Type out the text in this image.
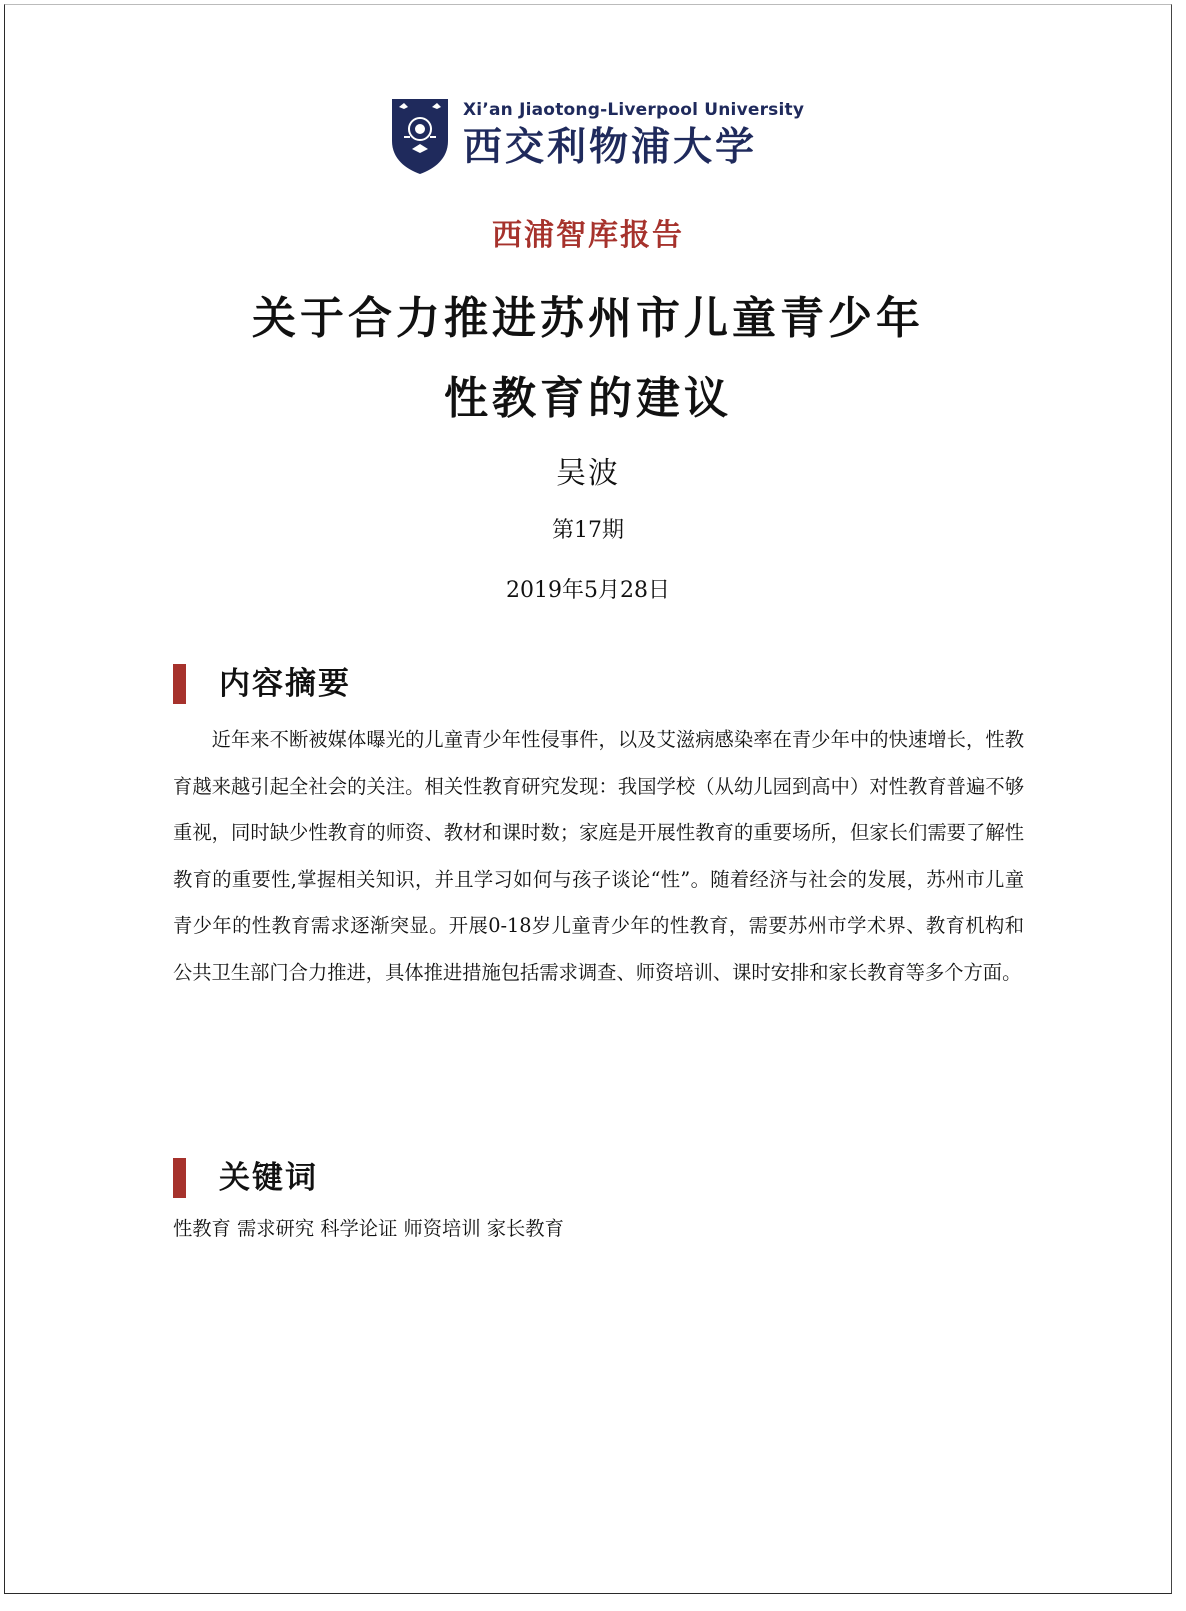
Xi’an Jiaotong-Liverpool University
西交利物浦大学
西浦智库报告
关于合力推进苏州市儿童青少年
性教育的建议
吴波
第17期
2019年5月28日
内容摘要

近年来不断被媒体曝光的儿童青少年性侵事件，以及艾滋病感染率在青少年中的快速增长，性教育越来越引起全社会的关注。相关性教育研究发现：我国学校（从幼儿园到高中）对性教育普遍不够重视，同时缺少性教育的师资、教材和课时数；家庭是开展性教育的重要场所，但家长们需要了解性教育的重要性,掌握相关知识，并且学习如何与孩子谈论“性”。随着经济与社会的发展，苏州市儿童青少年的性教育需求逐渐突显。开展0-18岁儿童青少年的性教育，需要苏州市学术界、教育机构和公共卫生部门合力推进，具体推进措施包括需求调查、师资培训、课时安排和家长教育等多个方面。

关键词
性教育 需求研究 科学论证 师资培训 家长教育
